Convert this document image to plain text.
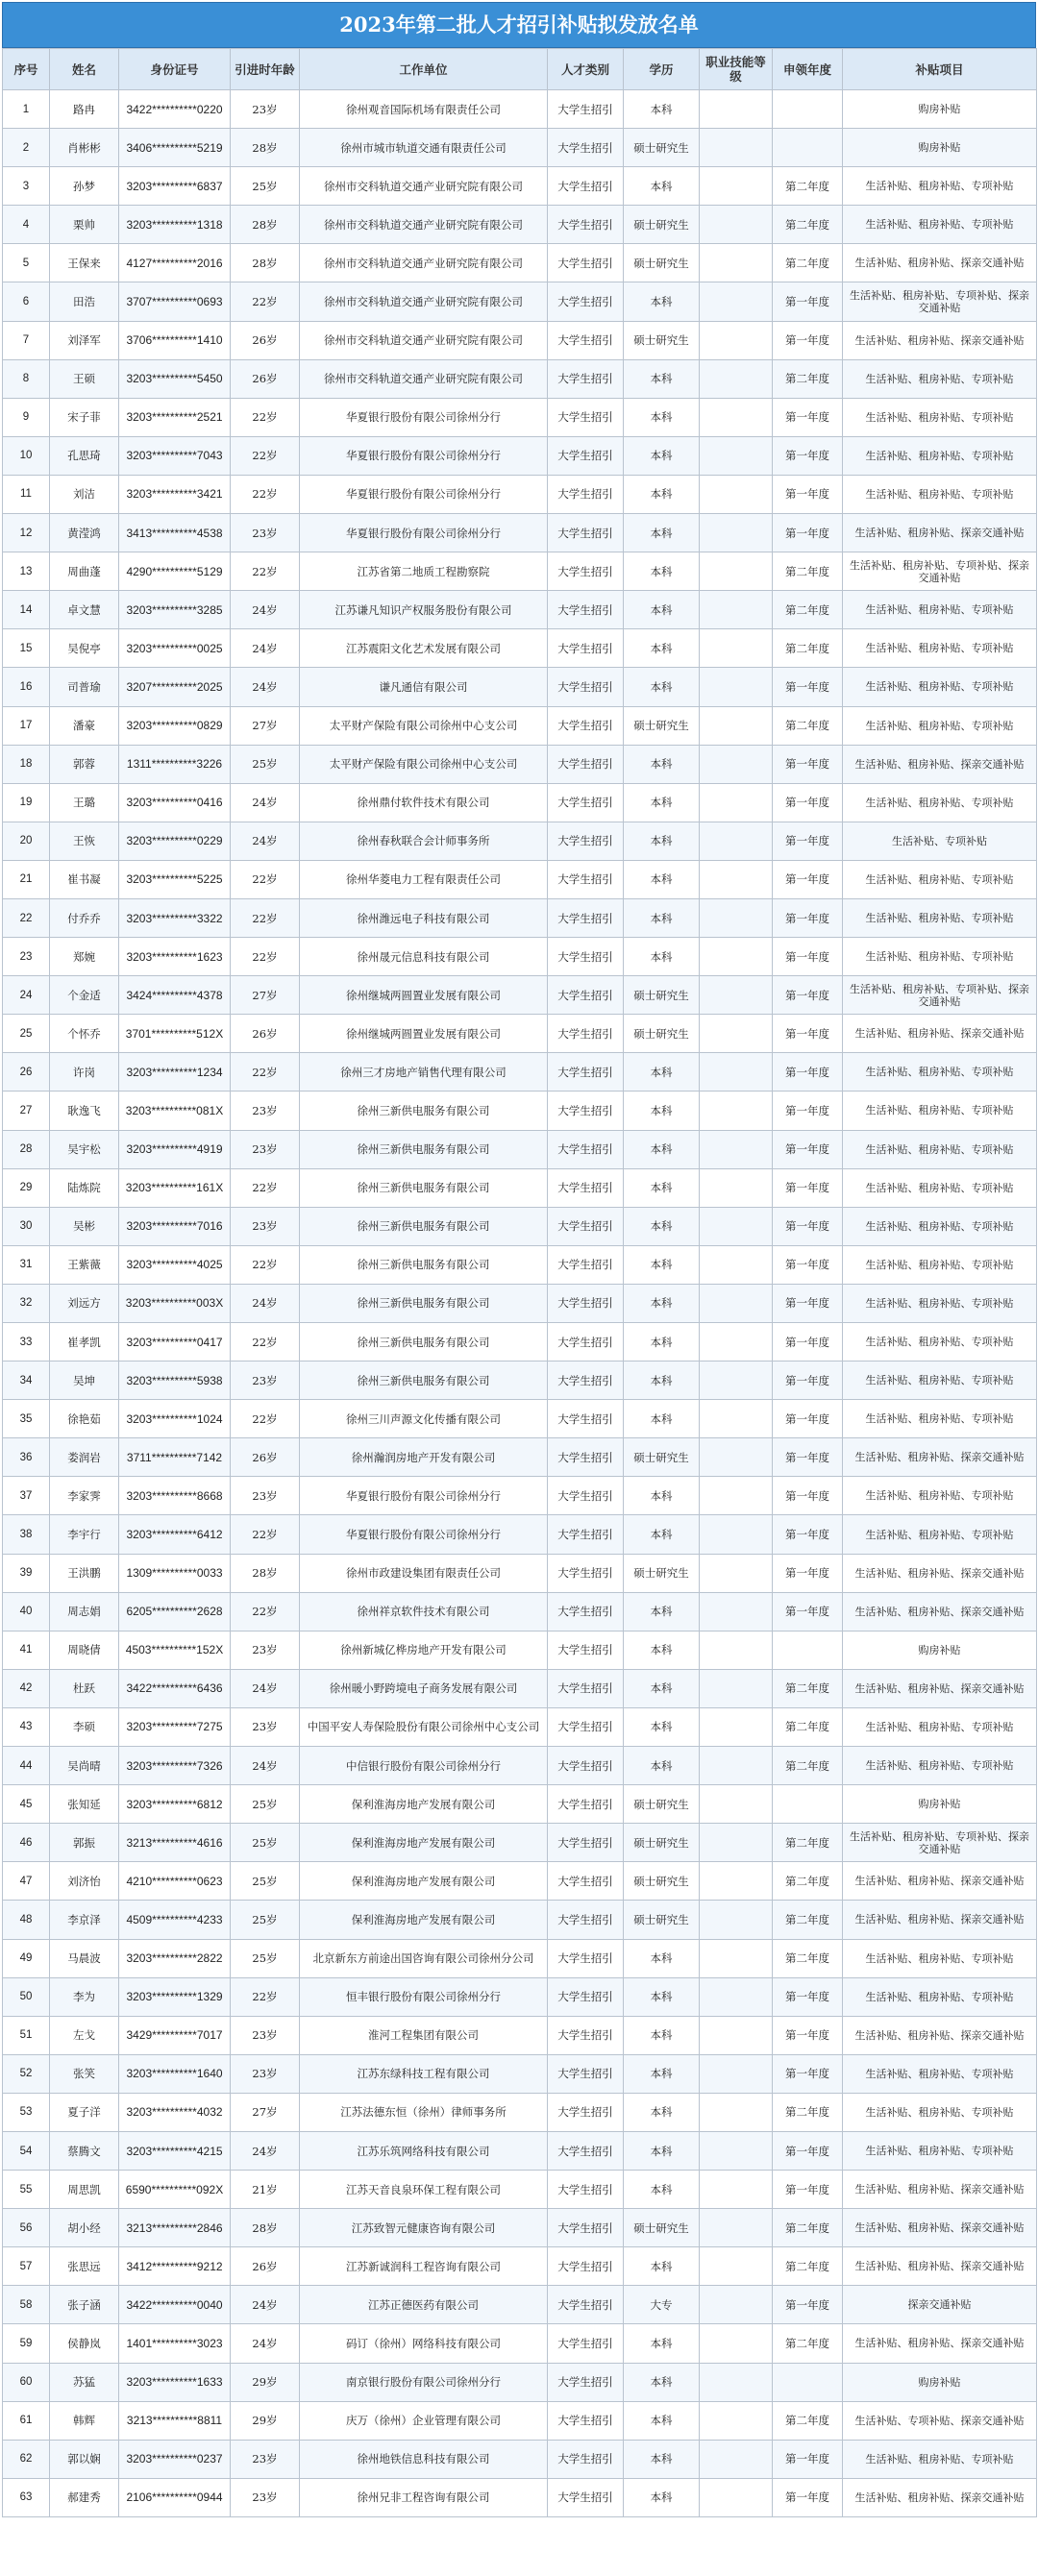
2023年第二批人才招引补贴拟发放名单
序号	姓名	身份证号	引进时年龄	工作单位	人才类别	学历	职业技能等级	申领年度	补贴项目
1	路冉	3422**********0220	23岁	徐州观音国际机场有限责任公司	大学生招引	本科			购房补贴
2	肖彬彬	3406**********5219	28岁	徐州市城市轨道交通有限责任公司	大学生招引	硕士研究生			购房补贴
3	孙梦	3203**********6837	25岁	徐州市交科轨道交通产业研究院有限公司	大学生招引	本科		第二年度	生活补贴、租房补贴、专项补贴
4	栗帅	3203**********1318	28岁	徐州市交科轨道交通产业研究院有限公司	大学生招引	硕士研究生		第二年度	生活补贴、租房补贴、专项补贴
5	王保来	4127**********2016	28岁	徐州市交科轨道交通产业研究院有限公司	大学生招引	硕士研究生		第二年度	生活补贴、租房补贴、探亲交通补贴
6	田浩	3707**********0693	22岁	徐州市交科轨道交通产业研究院有限公司	大学生招引	本科		第一年度	生活补贴、租房补贴、专项补贴、探亲交通补贴
7	刘泽军	3706**********1410	26岁	徐州市交科轨道交通产业研究院有限公司	大学生招引	硕士研究生		第一年度	生活补贴、租房补贴、探亲交通补贴
8	王硕	3203**********5450	26岁	徐州市交科轨道交通产业研究院有限公司	大学生招引	本科		第二年度	生活补贴、租房补贴、专项补贴
9	宋子菲	3203**********2521	22岁	华夏银行股份有限公司徐州分行	大学生招引	本科		第一年度	生活补贴、租房补贴、专项补贴
10	孔思琦	3203**********7043	22岁	华夏银行股份有限公司徐州分行	大学生招引	本科		第一年度	生活补贴、租房补贴、专项补贴
11	刘洁	3203**********3421	22岁	华夏银行股份有限公司徐州分行	大学生招引	本科		第一年度	生活补贴、租房补贴、专项补贴
12	黄滢鸿	3413**********4538	23岁	华夏银行股份有限公司徐州分行	大学生招引	本科		第一年度	生活补贴、租房补贴、探亲交通补贴
13	周曲蓬	4290**********5129	22岁	江苏省第二地质工程勘察院	大学生招引	本科		第二年度	生活补贴、租房补贴、专项补贴、探亲交通补贴
14	卓文慧	3203**********3285	24岁	江苏谦凡知识产权服务股份有限公司	大学生招引	本科		第二年度	生活补贴、租房补贴、专项补贴
15	吴倪亭	3203**********0025	24岁	江苏震阳文化艺术发展有限公司	大学生招引	本科		第二年度	生活补贴、租房补贴、专项补贴
16	司普瑜	3207**********2025	24岁	谦凡通信有限公司	大学生招引	本科		第一年度	生活补贴、租房补贴、专项补贴
17	潘豪	3203**********0829	27岁	太平财产保险有限公司徐州中心支公司	大学生招引	硕士研究生		第二年度	生活补贴、租房补贴、专项补贴
18	郭蓉	1311**********3226	25岁	太平财产保险有限公司徐州中心支公司	大学生招引	本科		第一年度	生活补贴、租房补贴、探亲交通补贴
19	王璐	3203**********0416	24岁	徐州鼎付软件技术有限公司	大学生招引	本科		第一年度	生活补贴、租房补贴、专项补贴
20	王恢	3203**********0229	24岁	徐州春秋联合会计师事务所	大学生招引	本科		第一年度	生活补贴、专项补贴
21	崔书凝	3203**********5225	22岁	徐州华菱电力工程有限责任公司	大学生招引	本科		第一年度	生活补贴、租房补贴、专项补贴
22	付乔乔	3203**********3322	22岁	徐州潍远电子科技有限公司	大学生招引	本科		第一年度	生活补贴、租房补贴、专项补贴
23	郑婉	3203**********1623	22岁	徐州晟元信息科技有限公司	大学生招引	本科		第一年度	生活补贴、租房补贴、专项补贴
24	个金适	3424**********4378	27岁	徐州继城两圆置业发展有限公司	大学生招引	硕士研究生		第一年度	生活补贴、租房补贴、专项补贴、探亲交通补贴
25	个怀乔	3701**********512X	26岁	徐州继城两圆置业发展有限公司	大学生招引	硕士研究生		第一年度	生活补贴、租房补贴、探亲交通补贴
26	许岗	3203**********1234	22岁	徐州三才房地产销售代理有限公司	大学生招引	本科		第一年度	生活补贴、租房补贴、专项补贴
27	耿逸飞	3203**********081X	23岁	徐州三新供电服务有限公司	大学生招引	本科		第一年度	生活补贴、租房补贴、专项补贴
28	吴宇松	3203**********4919	23岁	徐州三新供电服务有限公司	大学生招引	本科		第一年度	生活补贴、租房补贴、专项补贴
29	陆炼院	3203**********161X	22岁	徐州三新供电服务有限公司	大学生招引	本科		第一年度	生活补贴、租房补贴、专项补贴
30	吴彬	3203**********7016	23岁	徐州三新供电服务有限公司	大学生招引	本科		第一年度	生活补贴、租房补贴、专项补贴
31	王紫薇	3203**********4025	22岁	徐州三新供电服务有限公司	大学生招引	本科		第一年度	生活补贴、租房补贴、专项补贴
32	刘远方	3203**********003X	24岁	徐州三新供电服务有限公司	大学生招引	本科		第一年度	生活补贴、租房补贴、专项补贴
33	崔孝凯	3203**********0417	22岁	徐州三新供电服务有限公司	大学生招引	本科		第一年度	生活补贴、租房补贴、专项补贴
34	吴坤	3203**********5938	23岁	徐州三新供电服务有限公司	大学生招引	本科		第一年度	生活补贴、租房补贴、专项补贴
35	徐艳茹	3203**********1024	22岁	徐州三川声源文化传播有限公司	大学生招引	本科		第一年度	生活补贴、租房补贴、专项补贴
36	娄润岩	3711**********7142	26岁	徐州瀚润房地产开发有限公司	大学生招引	硕士研究生		第一年度	生活补贴、租房补贴、探亲交通补贴
37	李家霁	3203**********8668	23岁	华夏银行股份有限公司徐州分行	大学生招引	本科		第一年度	生活补贴、租房补贴、专项补贴
38	李宇行	3203**********6412	22岁	华夏银行股份有限公司徐州分行	大学生招引	本科		第一年度	生活补贴、租房补贴、专项补贴
39	王洪鹏	1309**********0033	28岁	徐州市政建设集团有限责任公司	大学生招引	硕士研究生		第一年度	生活补贴、租房补贴、探亲交通补贴
40	周志娟	6205**********2628	22岁	徐州祥京软件技术有限公司	大学生招引	本科		第一年度	生活补贴、租房补贴、探亲交通补贴
41	周晓倩	4503**********152X	23岁	徐州新城亿桦房地产开发有限公司	大学生招引	本科			购房补贴
42	杜跃	3422**********6436	24岁	徐州暖小野跨境电子商务发展有限公司	大学生招引	本科		第二年度	生活补贴、租房补贴、探亲交通补贴
43	李硕	3203**********7275	23岁	中国平安人寿保险股份有限公司徐州中心支公司	大学生招引	本科		第二年度	生活补贴、租房补贴、专项补贴
44	吴尚晴	3203**********7326	24岁	中信银行股份有限公司徐州分行	大学生招引	本科		第二年度	生活补贴、租房补贴、专项补贴
45	张知延	3203**********6812	25岁	保利淮海房地产发展有限公司	大学生招引	硕士研究生			购房补贴
46	郭振	3213**********4616	25岁	保利淮海房地产发展有限公司	大学生招引	硕士研究生		第二年度	生活补贴、租房补贴、专项补贴、探亲交通补贴
47	刘济怡	4210**********0623	25岁	保利淮海房地产发展有限公司	大学生招引	硕士研究生		第二年度	生活补贴、租房补贴、探亲交通补贴
48	李京泽	4509**********4233	25岁	保利淮海房地产发展有限公司	大学生招引	硕士研究生		第二年度	生活补贴、租房补贴、探亲交通补贴
49	马晨波	3203**********2822	25岁	北京新东方前途出国咨询有限公司徐州分公司	大学生招引	本科		第二年度	生活补贴、租房补贴、专项补贴
50	李为	3203**********1329	22岁	恒丰银行股份有限公司徐州分行	大学生招引	本科		第一年度	生活补贴、租房补贴、专项补贴
51	左戈	3429**********7017	23岁	淮河工程集团有限公司	大学生招引	本科		第一年度	生活补贴、租房补贴、探亲交通补贴
52	张笑	3203**********1640	23岁	江苏东绿科技工程有限公司	大学生招引	本科		第一年度	生活补贴、租房补贴、专项补贴
53	夏子洋	3203**********4032	27岁	江苏法德东恒（徐州）律师事务所	大学生招引	本科		第二年度	生活补贴、租房补贴、专项补贴
54	蔡腾文	3203**********4215	24岁	江苏乐筑网络科技有限公司	大学生招引	本科		第一年度	生活补贴、租房补贴、专项补贴
55	周思凯	6590**********092X	21岁	江苏天音良泉环保工程有限公司	大学生招引	本科		第一年度	生活补贴、租房补贴、探亲交通补贴
56	胡小经	3213**********2846	28岁	江苏致智元健康咨询有限公司	大学生招引	硕士研究生		第二年度	生活补贴、租房补贴、探亲交通补贴
57	张思远	3412**********9212	26岁	江苏新诚润科工程咨询有限公司	大学生招引	本科		第二年度	生活补贴、租房补贴、探亲交通补贴
58	张子涵	3422**********0040	24岁	江苏正德医药有限公司	大学生招引	大专		第一年度	探亲交通补贴
59	侯静岚	1401**********3023	24岁	码订（徐州）网络科技有限公司	大学生招引	本科		第二年度	生活补贴、租房补贴、探亲交通补贴
60	苏猛	3203**********1633	29岁	南京银行股份有限公司徐州分行	大学生招引	本科			购房补贴
61	韩辉	3213**********8811	29岁	庆万（徐州）企业管理有限公司	大学生招引	本科		第二年度	生活补贴、专项补贴、探亲交通补贴
62	郭以娴	3203**********0237	23岁	徐州地铁信息科技有限公司	大学生招引	本科		第一年度	生活补贴、租房补贴、专项补贴
63	郝建秀	2106**********0944	23岁	徐州兄非工程咨询有限公司	大学生招引	本科		第一年度	生活补贴、租房补贴、探亲交通补贴
